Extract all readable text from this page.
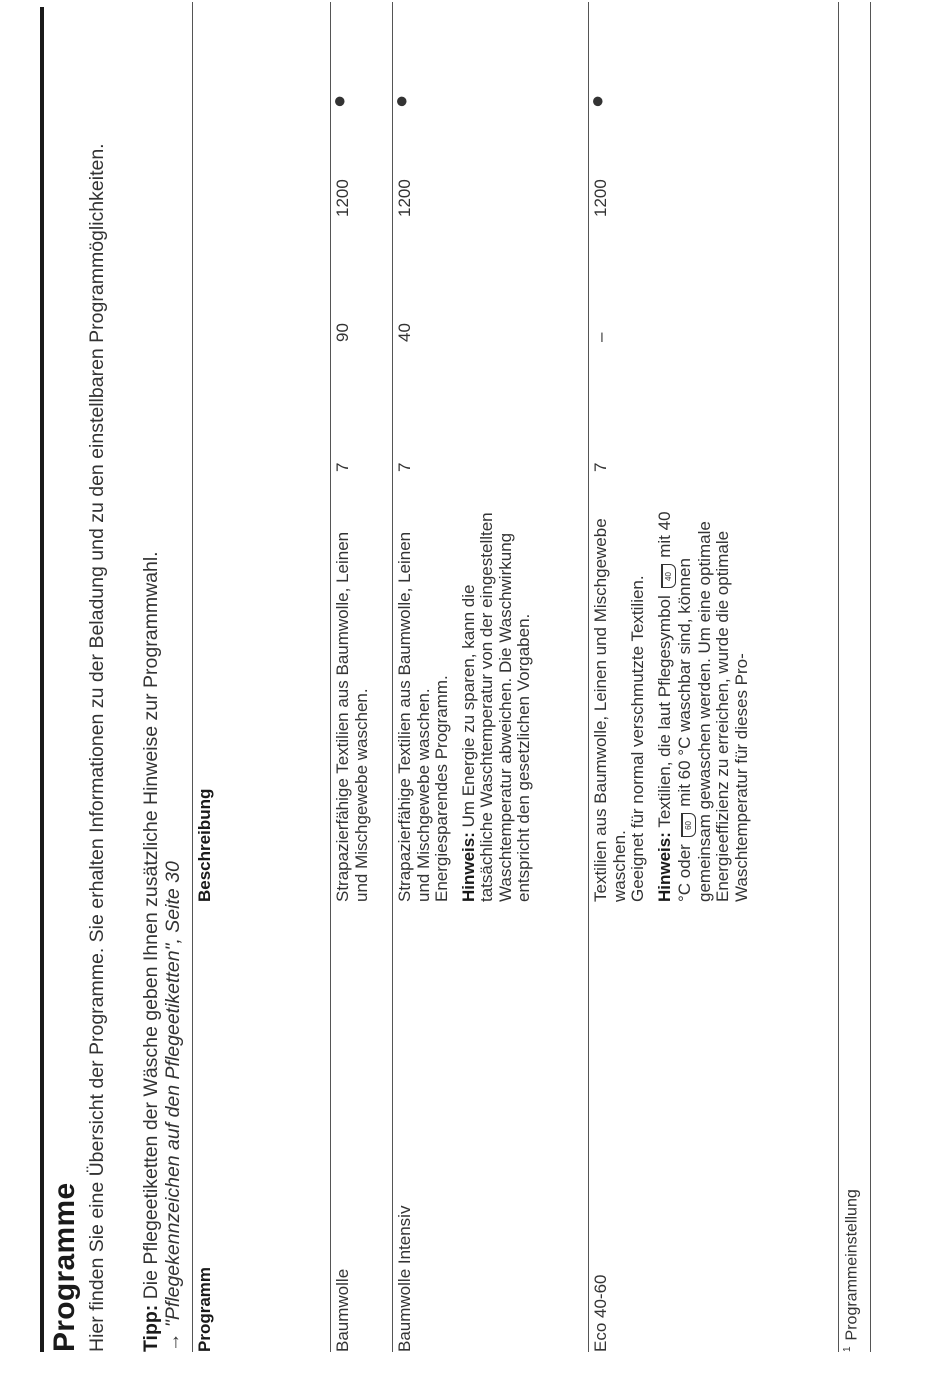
Programme Hier finden Sie eine Übersicht der Programme. Sie erhalten Informationen zu der Beladung und zu den einstellbaren Programmöglichkeiten. Tipp: Die Pflegeetiketten der Wäsche geben Ihnen zusätzliche Hinweise zur Programmwahl.
→ "Pflegekennzeichen auf den Pflegeetiketten", Seite 30 Programm
Beschreibung
Baumwolle

Strapazierfähige Textilien aus Baumwolle, Leinen und Mischgewebe waschen.

7
90
1200
●
Baumwolle Intensiv

Strapazierfähige Textilien aus Baumwolle, Leinen und Mischgewebe waschen. Energiesparendes Programm. Hinweis: Um Energie zu sparen, kann die tatsächliche Waschtemperatur von der eingestellten Waschtemperatur abweichen. Die Waschwirkung entspricht den gesetzlichen Vorgaben.

7
40
1200
●
Eco 40-60

Textilien aus Baumwolle, Leinen und Mischgewebe waschen. Geeignet für normal verschmutzte Textilien. Hinweis: Textilien, die laut Pflegesymbol 40 mit 40 °C oder 60 mit 60 °C waschbar sind, können gemeinsam gewaschen werden. Um eine optimale Energieeffizienz zu erreichen, wurde die optimale Waschtemperatur für dieses Pro-

7
–
1200
●
$^1$Programmeinstellung
